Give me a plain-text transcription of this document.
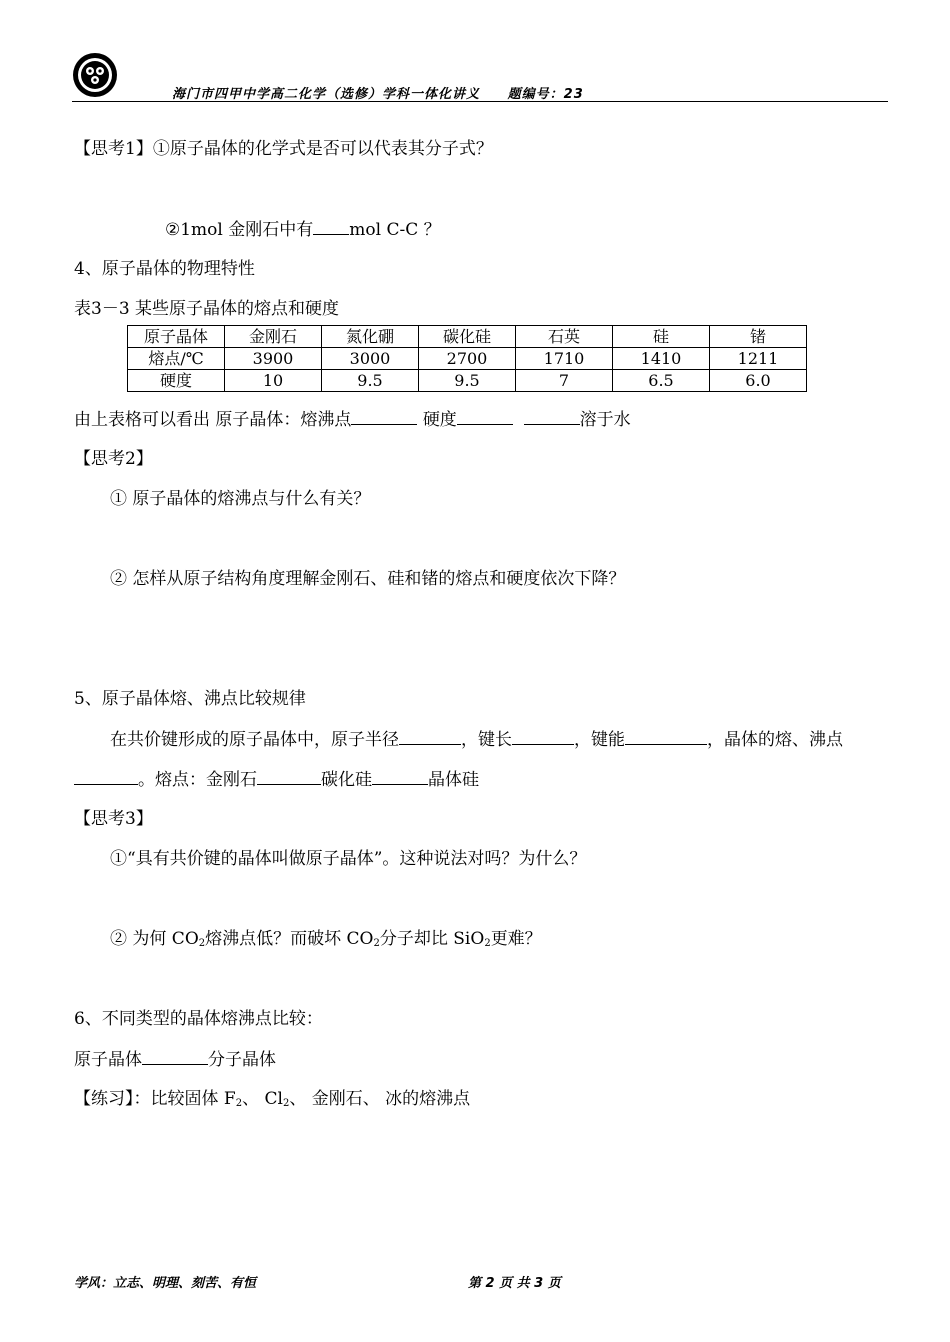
海门市四甲中学高二化学（选修）学科一体化讲义 题编号：23
【思考1】①原子晶体的化学式是否可以代表其分子式？
②1mol 金刚石中有 mol C-C ？
4、原子晶体的物理特性
表3－3 某些原子晶体的熔点和硬度
原子晶体	金刚石	氮化硼	碳化硅	石英	硅	锗
熔点/℃	3900	3000	2700	1710	1410	1211
硬度	10	9.5	9.5	7	6.5	6.0
由上表格可以看出 原子晶体：熔沸点	硬度	溶于水
【思考2】
① 原子晶体的熔沸点与什么有关？
② 怎样从原子结构角度理解金刚石、硅和锗的熔点和硬度依次下降？
5、原子晶体熔、沸点比较规律
在共价键形成的原子晶体中，原子半径	，键长	，键能	，晶体的熔、沸点
。熔点：金刚石	碳化硅	晶体硅
【思考3】
①“具有共价键的晶体叫做原子晶体”。这种说法对吗？为什么？
② 为何 $CO_2$熔沸点低？而破坏 $CO_2$分子却比 SiO$_2$更难？
6、不同类型的晶体熔沸点比较：
原子晶体	分子晶体
【练习】：比较固体 $F_2$、 $Cl_2$、 金刚石、 冰的熔沸点
学风：立志、明理、刻苦、有恒	第 2 页 共 3 页
